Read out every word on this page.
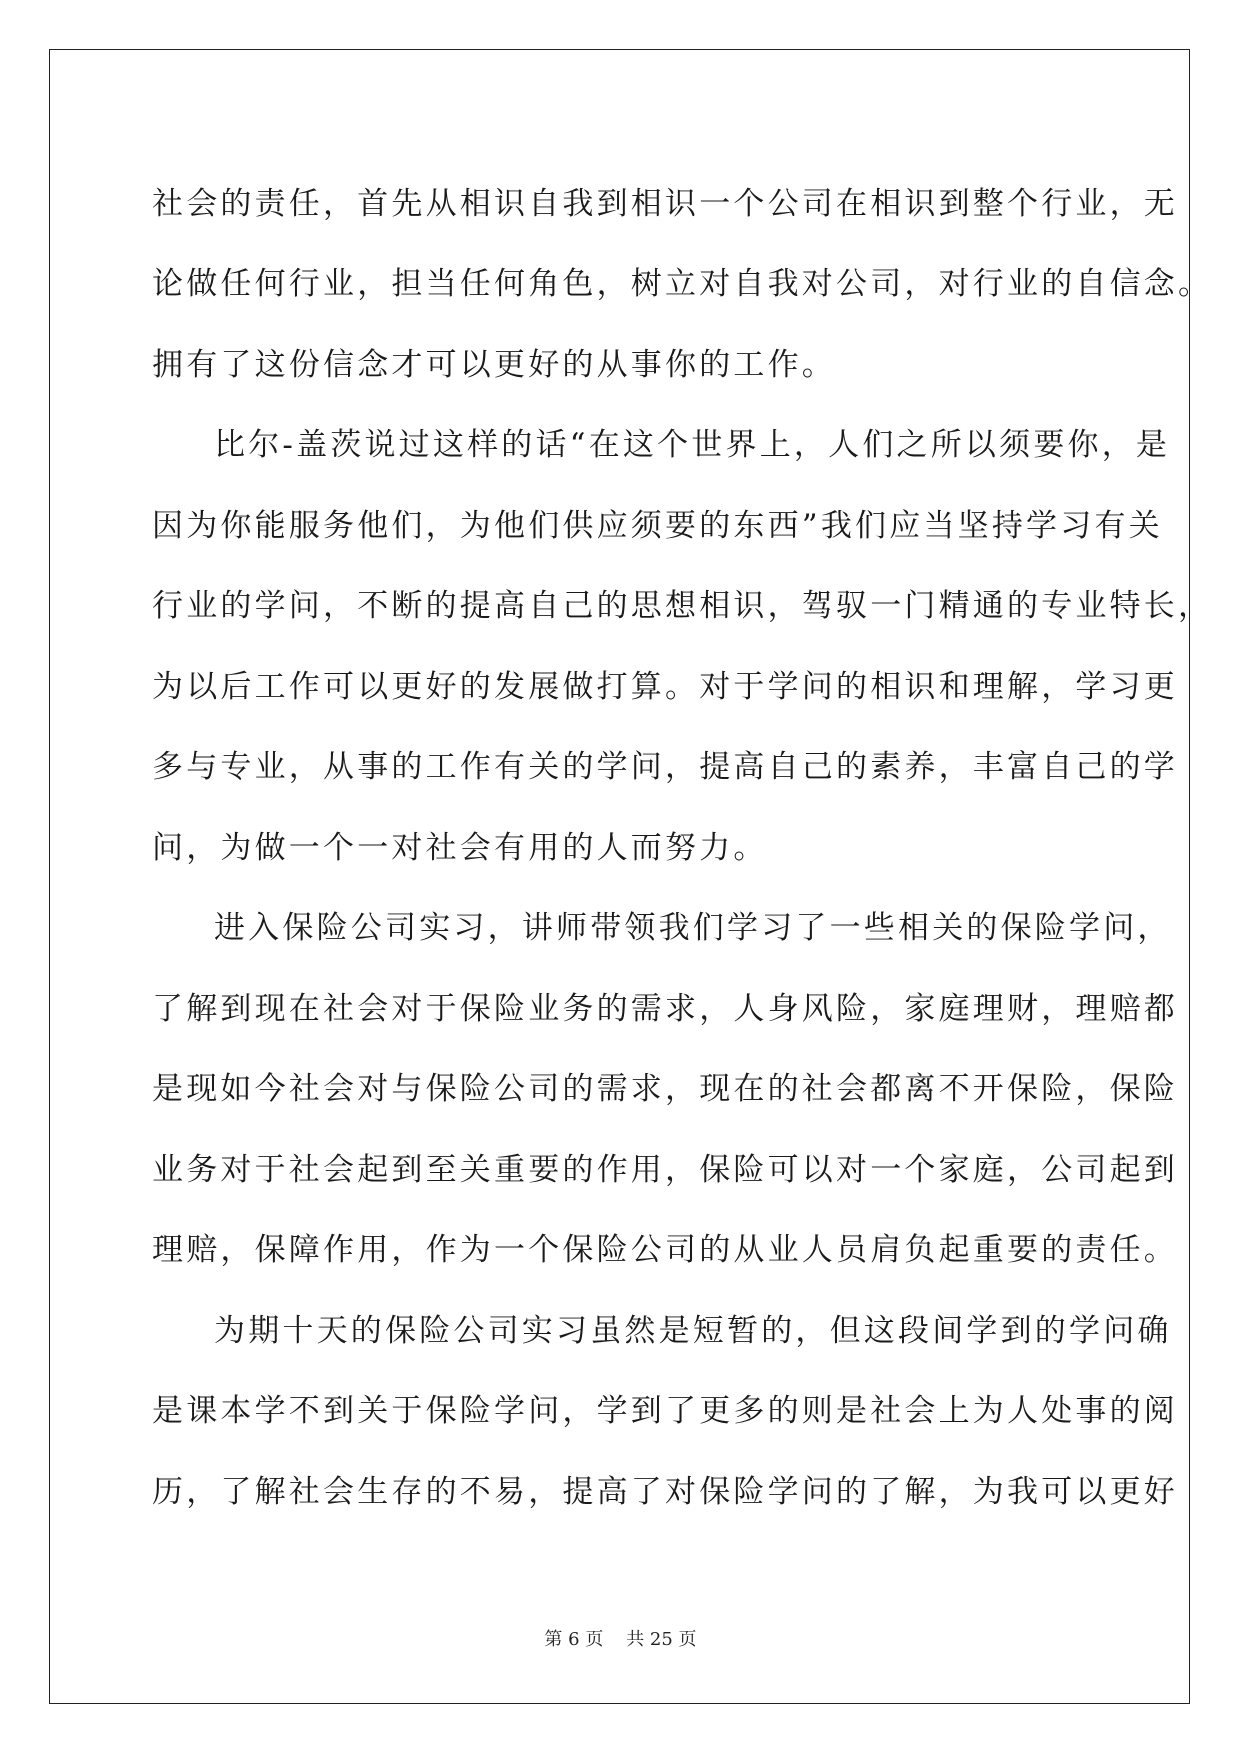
社会的责任，首先从相识自我到相识一个公司在相识到整个行业，无
论做任何行业，担当任何角色，树立对自我对公司，对行业的自信念。
拥有了这份信念才可以更好的从事你的工作。
比尔-盖茨说过这样的话“在这个世界上，人们之所以须要你，是
因为你能服务他们，为他们供应须要的东西”我们应当坚持学习有关
行业的学问，不断的提高自己的思想相识，驾驭一门精通的专业特长，
为以后工作可以更好的发展做打算。对于学问的相识和理解，学习更
多与专业，从事的工作有关的学问，提高自己的素养，丰富自己的学
问，为做一个一对社会有用的人而努力。
进入保险公司实习，讲师带领我们学习了一些相关的保险学问，
了解到现在社会对于保险业务的需求，人身风险，家庭理财，理赔都
是现如今社会对与保险公司的需求，现在的社会都离不开保险，保险
业务对于社会起到至关重要的作用，保险可以对一个家庭，公司起到
理赔，保障作用，作为一个保险公司的从业人员肩负起重要的责任。
为期十天的保险公司实习虽然是短暂的，但这段间学到的学问确
是课本学不到关于保险学问，学到了更多的则是社会上为人处事的阅
历，了解社会生存的不易，提高了对保险学问的了解，为我可以更好
第 6 页    共 25 页
